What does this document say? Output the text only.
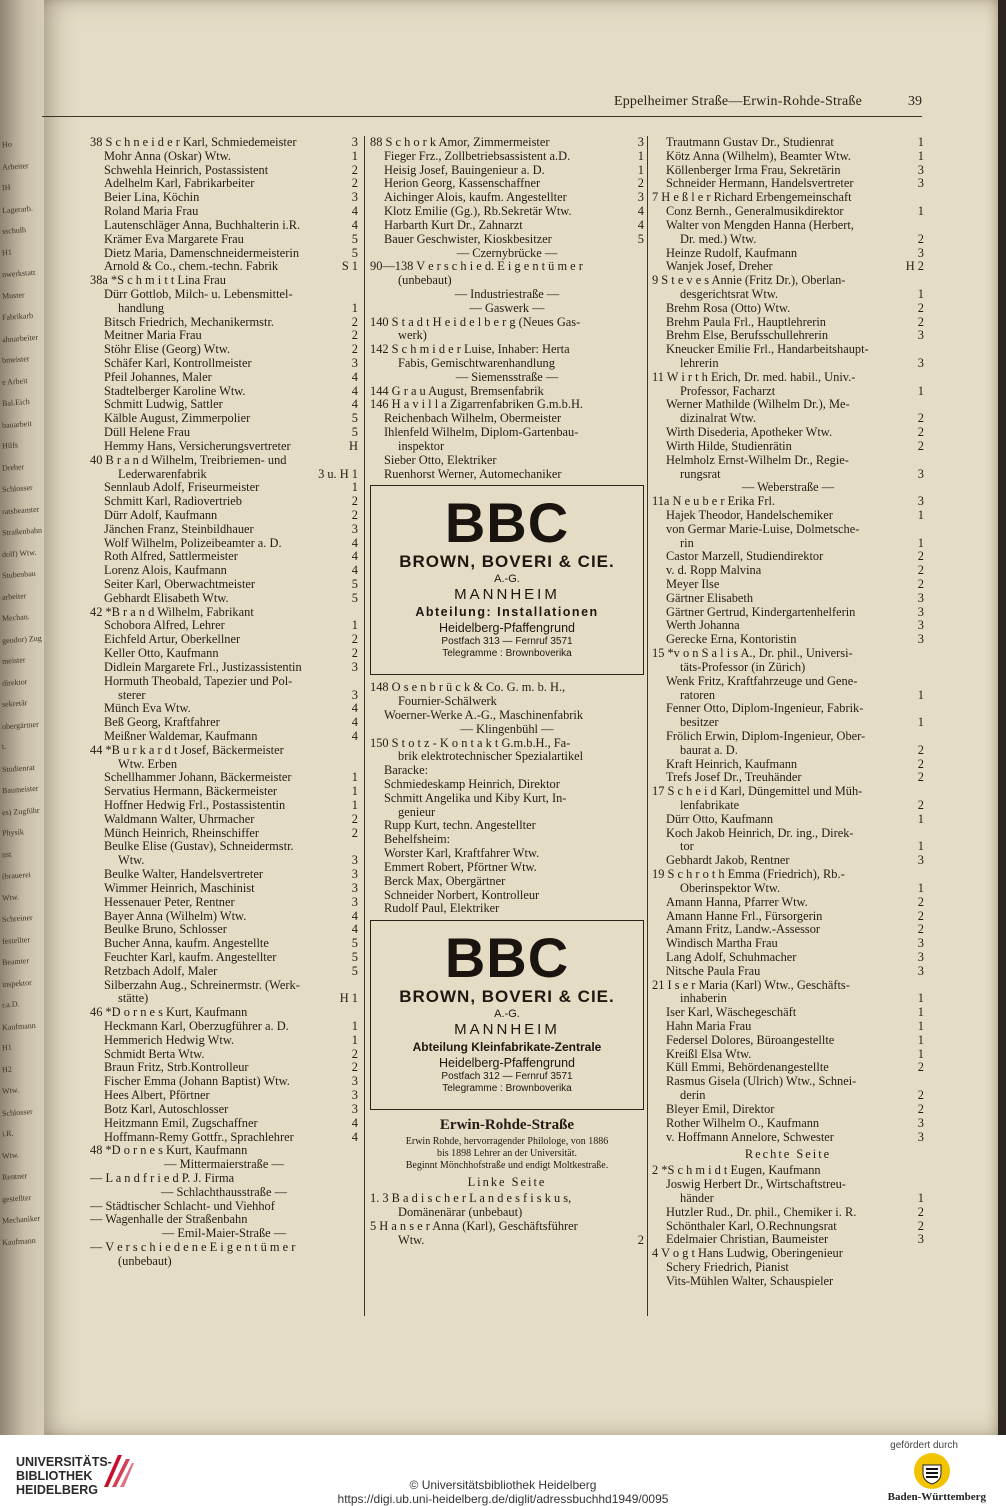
Ho
Arbeiter
IH
Lagerarb.
sschulh
H1
nwerkstatt
Muster
Fabrikarb
ahnarbeiter
bmeister
e Arbeit
Bal.Eich
bauarbeit
Hilfs
Dreher
Schlosser
ratsbeamter
Straßenbahn
dolf) Wtw.
Stubenbau
arbeiter
Mechan.
geodor) Zug
meister
direktor
sekretär
obergärtner
t.
Studienrat
Baumeister
es) Zugführ
Physik
nst
(brauerei
Wtw.
Schreiner
festellter
Beamter
inspektor
r.a.D.
Kaufmann
H1
H2
Wtw.
Schlosser
i.R.
Wtw.
Rentner
gestellter
Mechaniker
Kaufmann
Eppelheimer Straße—Erwin-Rohde-Straße	39
38 S c h n e i d e r Karl, Schmiedemeister	3
Mohr Anna (Oskar) Wtw.	1
Schwehla Heinrich, Postassistent	2
Adelhelm Karl, Fabrikarbeiter	2
Beier Lina, Köchin	3
Roland Maria Frau	4
Lautenschläger Anna, Buchhalterin i.R.	4
Krämer Eva Margarete Frau	5
Dietz Maria, Damenschneidermeisterin	5
Arnold & Co., chem.-techn. Fabrik	S 1
38a *S c h m i t t Lina Frau
Dürr Gottlob, Milch- u. Lebensmittel-
handlung	1
Bitsch Friedrich, Mechanikermstr.	2
Meitner Maria Frau	2
Stöhr Elise (Georg) Wtw.	2
Schäfer Karl, Kontrollmeister	3
Pfeil Johannes, Maler	4
Stadtelberger Karoline Wtw.	4
Schmitt Ludwig, Sattler	4
Kälble August, Zimmerpolier	5
Düll Helene Frau	5
Hemmy Hans, Versicherungsvertreter	H
40 B r a n d Wilhelm, Treibriemen- und
Lederwarenfabrik	3 u. H 1
Sennlaub Adolf, Friseurmeister	1
Schmitt Karl, Radiovertrieb	2
Dürr Adolf, Kaufmann	2
Jänchen Franz, Steinbildhauer	3
Wolf Wilhelm, Polizeibeamter a. D.	4
Roth Alfred, Sattlermeister	4
Lorenz Alois, Kaufmann	4
Seiter Karl, Oberwachtmeister	5
Gebhardt Elisabeth Wtw.	5
42 *B r a n d Wilhelm, Fabrikant
Schobora Alfred, Lehrer	1
Eichfeld Artur, Oberkellner	2
Keller Otto, Kaufmann	2
Didlein Margarete Frl., Justizassistentin	3
Hormuth Theobald, Tapezier und Pol-
sterer	3
Münch Eva Wtw.	4
Beß Georg, Kraftfahrer	4
Meißner Waldemar, Kaufmann	4
44 *B u r k a r d t Josef, Bäckermeister
Wtw. Erben
Schellhammer Johann, Bäckermeister	1
Servatius Hermann, Bäckermeister	1
Hoffner Hedwig Frl., Postassistentin	1
Waldmann Walter, Uhrmacher	2
Münch Heinrich, Rheinschiffer	2
Beulke Elise (Gustav), Schneidermstr.
Wtw.	3
Beulke Walter, Handelsvertreter	3
Wimmer Heinrich, Maschinist	3
Hessenauer Peter, Rentner	3
Bayer Anna (Wilhelm) Wtw.	4
Beulke Bruno, Schlosser	4
Bucher Anna, kaufm. Angestellte	5
Feuchter Karl, kaufm. Angestellter	5
Retzbach Adolf, Maler	5
Silberzahn Aug., Schreinermstr. (Werk-
stätte)	H 1
46 *D o r n e s Kurt, Kaufmann
Heckmann Karl, Oberzugführer a. D.	1
Hemmerich Hedwig Wtw.	1
Schmidt Berta Wtw.	2
Braun Fritz, Strb.Kontrolleur	2
Fischer Emma (Johann Baptist) Wtw.	3
Hees Albert, Pförtner	3
Botz Karl, Autoschlosser	3
Heitzmann Emil, Zugschaffner	4
Hoffmann-Remy Gottfr., Sprachlehrer	4
48 *D o r n e s Kurt, Kaufmann
— Mittermaierstraße —
— L a n d f r i e d P. J. Firma
— Schlachthausstraße —
— Städtischer Schlacht- und Viehhof
— Wagenhalle der Straßenbahn
— Emil-Maier-Straße —
— V e r s c h i e d e n e E i g e n t ü m e r
(unbebaut)
88 S c h o r k Amor, Zimmermeister	3
Fieger Frz., Zollbetriebsassistent a.D.	1
Heisig Josef, Bauingenieur a. D.	1
Herion Georg, Kassenschaffner	2
Aichinger Alois, kaufm. Angestellter	3
Klotz Emilie (Gg.), Rb.Sekretär Wtw.	4
Harbarth Kurt Dr., Zahnarzt	4
Bauer Geschwister, Kioskbesitzer	5
— Czernybrücke —
90—138 V e r s c h i e d. E i g e n t ü m e r
(unbebaut)
— Industriestraße —
— Gaswerk —
140 S t a d t H e i d e l b e r g (Neues Gas-
werk)
142 S c h m i d e r Luise, Inhaber: Herta
Fabis, Gemischtwarenhandlung
— Siemensstraße —
144 G r a u August, Bremsenfabrik
146 H a v i l l a Zigarrenfabriken G.m.b.H.
Reichenbach Wilhelm, Obermeister
Ihlenfeld Wilhelm, Diplom-Gartenbau-
inspektor
Sieber Otto, Elektriker
Ruenhorst Werner, Automechaniker
BBC
BROWN, BOVERI & CIE.
A.-G.
MANNHEIM
Abteilung: Installationen
Heidelberg-Pfaffengrund
Postfach 313 — Fernruf 3571
Telegramme : Brownboverika
148 O s e n b r ü c k & Co. G. m. b. H.,
Fournier-Schälwerk
Woerner-Werke A.-G., Maschinenfabrik
— Klingenbühl —
150 S t o t z - K o n t a k t G.m.b.H., Fa-
brik elektrotechnischer Spezialartikel
Baracke:
Schmiedeskamp Heinrich, Direktor
Schmitt Angelika und Kiby Kurt, In-
genieur
Rupp Kurt, techn. Angestellter
Behelfsheim:
Worster Karl, Kraftfahrer Wtw.
Emmert Robert, Pförtner Wtw.
Berck Max, Obergärtner
Schneider Norbert, Kontrolleur
Rudolf Paul, Elektriker
BBC
BROWN, BOVERI & CIE.
A.-G.
MANNHEIM
Abteilung Kleinfabrikate-Zentrale
Heidelberg-Pfaffengrund
Postfach 312 — Fernruf 3571
Telegramme : Brownboverika
Erwin-Rohde-Straße
Erwin Rohde, hervorragender Philologe, von 1886
bis 1898 Lehrer an der Universität.
Beginnt Mönchhofstraße und endigt Moltkestraße.
Linke Seite
1. 3 B a d i s c h e r L a n d e s f i s k u s,
Domänenärar (unbebaut)
5 H a n s e r Anna (Karl), Geschäftsführer
Wtw.	2
Trautmann Gustav Dr., Studienrat	1
Kötz Anna (Wilhelm), Beamter Wtw.	1
Köllenberger Irma Frau, Sekretärin	3
Schneider Hermann, Handelsvertreter	3
7 H e ß l e r Richard Erbengemeinschaft
Conz Bernh., Generalmusikdirektor	1
Walter von Mengden Hanna (Herbert,
Dr. med.) Wtw.	2
Heinze Rudolf, Kaufmann	3
Wanjek Josef, Dreher	H 2
9 S t e v e s Annie (Fritz Dr.), Oberlan-
desgerichtsrat Wtw.	1
Brehm Rosa (Otto) Wtw.	2
Brehm Paula Frl., Hauptlehrerin	2
Brehm Else, Berufsschullehrerin	3
Kneucker Emilie Frl., Handarbeitshaupt-
lehrerin	3
11 W i r t h Erich, Dr. med. habil., Univ.-
Professor, Facharzt	1
Werner Mathilde (Wilhelm Dr.), Me-
dizinalrat Wtw.	2
Wirth Disederia, Apotheker Wtw.	2
Wirth Hilde, Studienrätin	2
Helmholz Ernst-Wilhelm Dr., Regie-
rungsrat	3
— Weberstraße —
11a N e u b e r Erika Frl.	3
Hajek Theodor, Handelschemiker	1
von Germar Marie-Luise, Dolmetsche-
rin	1
Castor Marzell, Studiendirektor	2
v. d. Ropp Malvina	2
Meyer Ilse	2
Gärtner Elisabeth	3
Gärtner Gertrud, Kindergartenhelferin	3
Werth Johanna	3
Gerecke Erna, Kontoristin	3
15 *v o n S a l i s A., Dr. phil., Universi-
täts-Professor (in Zürich)
Wenk Fritz, Kraftfahrzeuge und Gene-
ratoren	1
Fenner Otto, Diplom-Ingenieur, Fabrik-
besitzer	1
Frölich Erwin, Diplom-Ingenieur, Ober-
baurat a. D.	2
Kraft Heinrich, Kaufmann	2
Trefs Josef Dr., Treuhänder	2
17 S c h e i d Karl, Düngemittel und Müh-
lenfabrikate	2
Dürr Otto, Kaufmann	1
Koch Jakob Heinrich, Dr. ing., Direk-
tor	1
Gebhardt Jakob, Rentner	3
19 S c h r o t h Emma (Friedrich), Rb.-
Oberinspektor Wtw.	1
Amann Hanna, Pfarrer Wtw.	2
Amann Hanne Frl., Fürsorgerin	2
Amann Fritz, Landw.-Assessor	2
Windisch Martha Frau	3
Lang Adolf, Schuhmacher	3
Nitsche Paula Frau	3
21 I s e r Maria (Karl) Wtw., Geschäfts-
inhaberin	1
Iser Karl, Wäschegeschäft	1
Hahn Maria Frau	1
Federsel Dolores, Büroangestellte	1
Kreißl Elsa Wtw.	1
Küll Emmi, Behördenangestellte	2
Rasmus Gisela (Ulrich) Wtw., Schnei-
derin	2
Bleyer Emil, Direktor	2
Rother Wilhelm O., Kaufmann	3
v. Hoffmann Annelore, Schwester	3
Rechte Seite
2 *S c h m i d t Eugen, Kaufmann
Joswig Herbert Dr., Wirtschaftstreu-
händer	1
Hutzler Rud., Dr. phil., Chemiker i. R.	2
Schönthaler Karl, O.Rechnungsrat	2
Edelmaier Christian, Baumeister	3
4 V o g t Hans Ludwig, Oberingenieur
Schery Friedrich, Pianist
Vits-Mühlen Walter, Schauspieler
UNIVERSITÄTS-
BIBLIOTHEK
HEIDELBERG	© Universitätsbibliothek Heidelberg
https://digi.ub.uni-heidelberg.de/diglit/adressbuchhd1949/0095
gefördert durch
Baden-Württemberg
